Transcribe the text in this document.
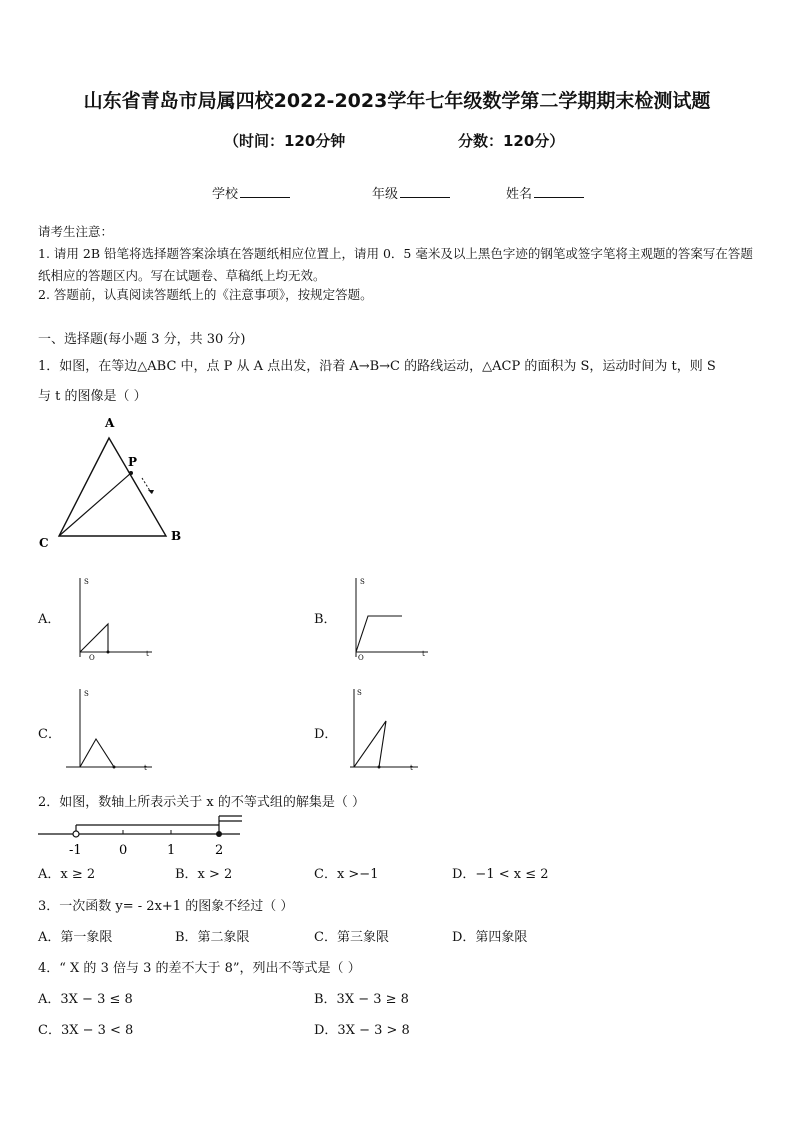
山东省青岛市局属四校2022-2023学年七年级数学第二学期期末检测试题
（时间：120分钟	分数：120分）
学校	年级	姓名
请考生注意：
1. 请用 2B 铅笔将选择题答案涂填在答题纸相应位置上，请用 0．5 毫米及以上黑色字迹的钢笔或签字笔将主观题的答案写在答题纸相应的答题区内。写在试题卷、草稿纸上均无效。
2. 答题前，认真阅读答题纸上的《注意事项》，按规定答题。
一、选择题(每小题 3 分，共 30 分)
1．如图，在等边△ABC 中，点 P 从 A 点出发，沿着 A→B→C 的路线运动，△ACP 的面积为 S，运动时间为 t，则 S
与 t 的图像是（ ）
A
C	B
P
A．
S
t
O
B．
S
t
O
C．
S
t
D．
S
t
2．如图，数轴上所表示关于 x 的不等式组的解集是（ ）
-1	0	1	2
A．x ≥ 2	B．x > 2	C．x >−1	D．−1 < x ≤ 2
3．一次函数 y= - 2x+1 的图象不经过（ ）
A．第一象限	B．第二象限	C．第三象限	D．第四象限
4．“ X 的 3 倍与 3 的差不大于 8”，列出不等式是（ ）
A．3X − 3 ≤ 8	B．3X − 3 ≥ 8
C．3X − 3 < 8	D．3X − 3 > 8
